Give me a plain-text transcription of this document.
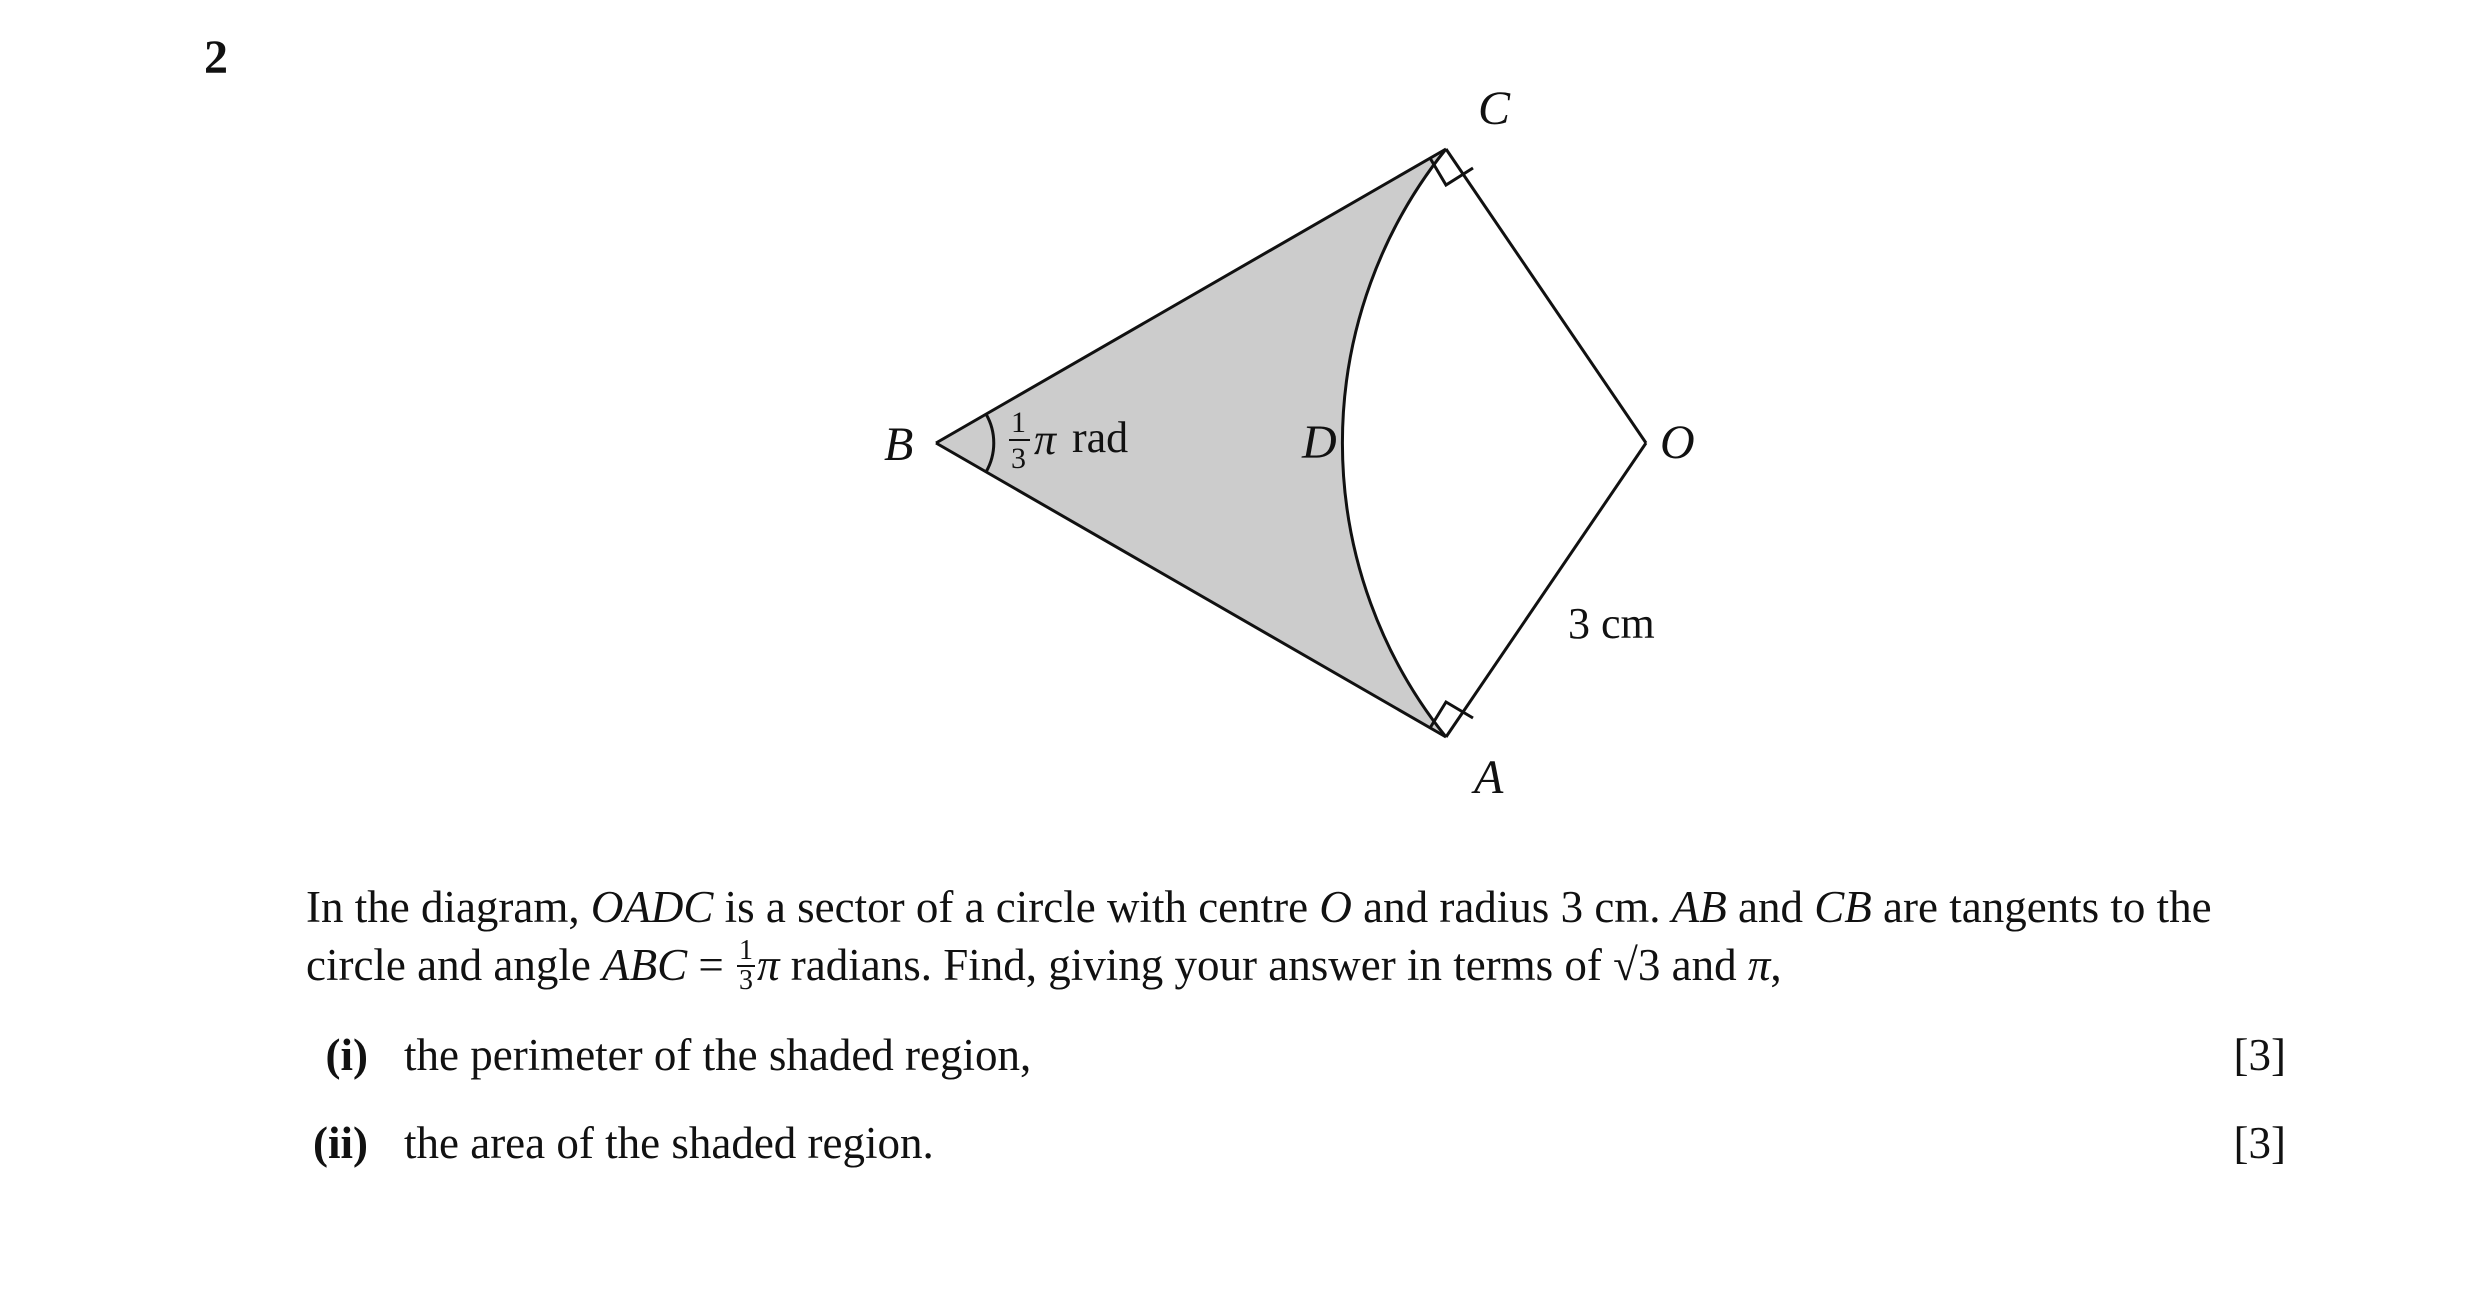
2
C
B	D	O
A
1
3 π rad
3 cm
In the diagram, OADC is a sector of a circle with centre O and radius 3 cm. AB and CB are tangents to the circle and angle ABC = $\frac{1}{3}$ π radians. Find, giving your answer in terms of √3 and π,
(i) the perimeter of the shaded region,	[3]
(ii) the area of the shaded region.	[3]
